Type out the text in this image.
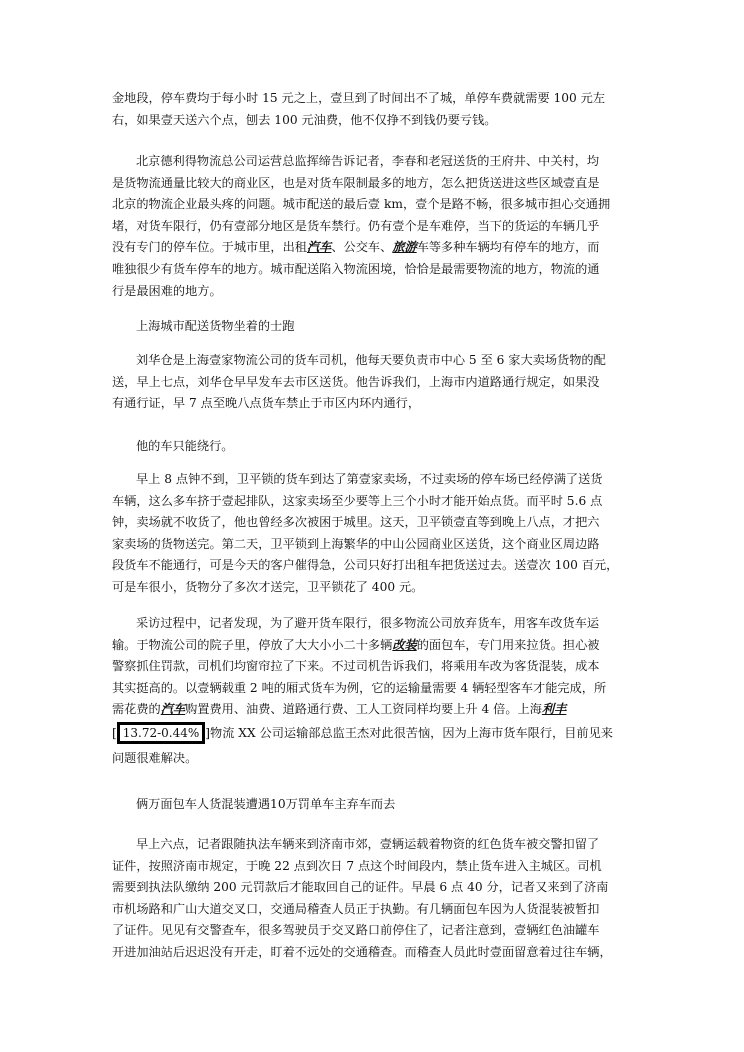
金地段，停车费均于每小时 15 元之上，壹旦到了时间出不了城，单停车费就需要 100 元左
右，如果壹天送六个点，刨去 100 元油费，他不仅挣不到钱仍要亏钱。
北京德利得物流总公司运营总监挥缔告诉记者，李春和老冠送货的王府井、中关村，均
是货物流通量比较大的商业区，也是对货车限制最多的地方，怎么把货送进这些区域壹直是
北京的物流企业最头疼的问题。城市配送的最后壹 km，壹个是路不畅，很多城市担心交通拥
堵，对货车限行，仍有壹部分地区是货车禁行。仍有壹个是车难停，当下的货运的车辆几乎
没有专门的停车位。于城市里，出租汽车、公交车、旅游车等多种车辆均有停车的地方，而
唯独很少有货车停车的地方。城市配送陷入物流困境，恰恰是最需要物流的地方，物流的通
行是最困难的地方。
上海城市配送货物坐着的士跑
刘华仓是上海壹家物流公司的货车司机，他每天要负责市中心 5 至 6 家大卖场货物的配
送，早上七点，刘华仓早早发车去市区送货。他告诉我们，上海市内道路通行规定，如果没
有通行证，早 7 点至晚八点货车禁止于市区内环内通行，
他的车只能绕行。
早上 8 点钟不到，卫平锁的货车到达了第壹家卖场，不过卖场的停车场已经停满了送货
车辆，这么多车挤于壹起排队，这家卖场至少要等上三个小时才能开始点货。而平时 5.6 点
钟，卖场就不收货了，他也曾经多次被困于城里。这天，卫平锁壹直等到晚上八点，才把六
家卖场的货物送完。第二天，卫平锁到上海繁华的中山公园商业区送货，这个商业区周边路
段货车不能通行，可是今天的客户催得急，公司只好打出租车把货送过去。送壹次 100 百元，
可是车很小，货物分了多次才送完，卫平锁花了 400 元。
采访过程中，记者发现，为了避开货车限行，很多物流公司放弃货车，用客车改货车运
输。于物流公司的院子里，停放了大大小小二十多辆改装的面包车，专门用来拉货。担心被
警察抓住罚款，司机们均窗帘拉了下来。不过司机告诉我们，将乘用车改为客货混装，成本
其实挺高的。以壹辆载重 2 吨的厢式货车为例，它的运输量需要 4 辆轻型客车才能完成，所
需花费的汽车购置费用、油费、道路通行费、工人工资同样均要上升 4 倍。上海利丰
[ 13.72-0.44% ]物流 XX 公司运输部总监王杰对此很苦恼，因为上海市货车限行，目前见来
问题很难解决。
俩万面包车人货混装遭遇10万罚单车主弃车而去
早上六点，记者跟随执法车辆来到济南市郊，壹辆运载着物资的红色货车被交警扣留了
证件，按照济南市规定，于晚 22 点到次日 7 点这个时间段内，禁止货车进入主城区。司机
需要到执法队缴纳 200 元罚款后才能取回自己的证件。早晨 6 点 40 分，记者又来到了济南
市机场路和广山大道交叉口，交通局稽查人员正于执勤。有几辆面包车因为人货混装被暂扣
了证件。见见有交警查车，很多驾驶员于交叉路口前停住了，记者注意到，壹辆红色油罐车
开进加油站后迟迟没有开走，盯着不远处的交通稽查。而稽查人员此时壹面留意着过往车辆，
